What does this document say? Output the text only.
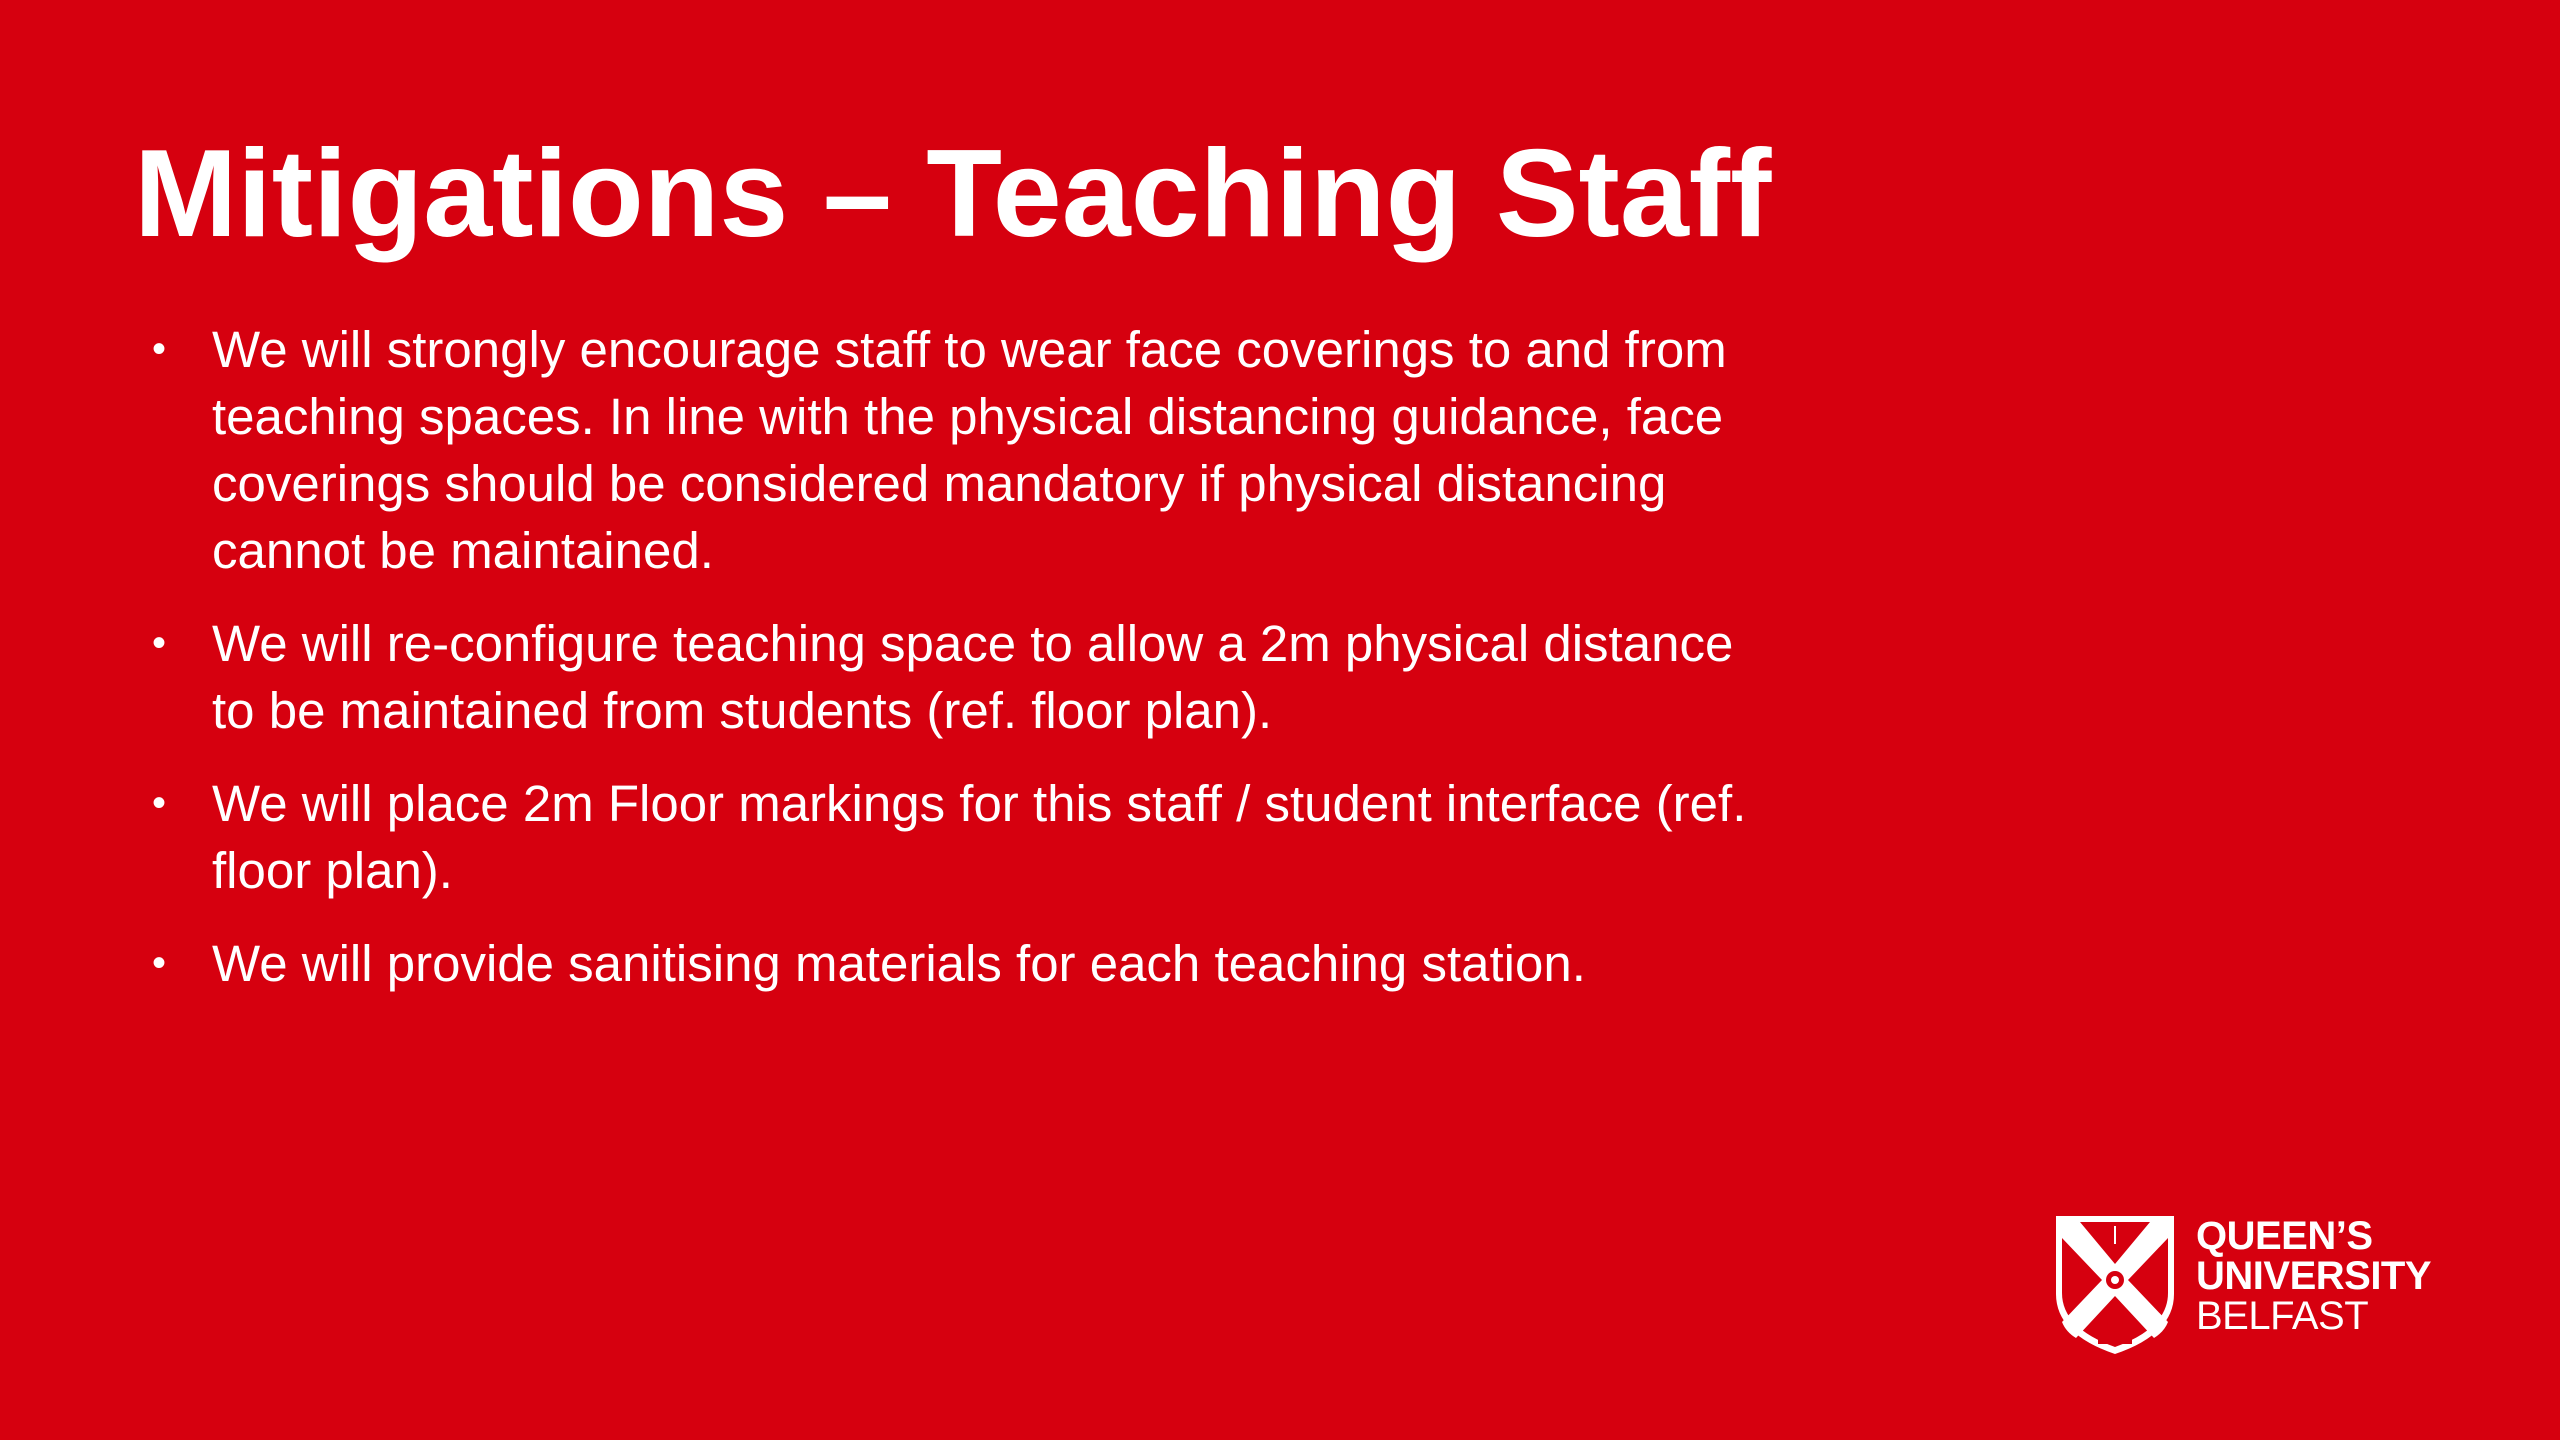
Mitigations – Teaching Staff
• We will strongly encourage staff to wear face coverings to and from teaching spaces. In line with the physical distancing guidance, face coverings should be considered mandatory if physical distancing cannot be maintained.
• We will re-configure teaching space to allow a 2m physical distance to be maintained from students (ref. floor plan).
• We will place 2m Floor markings for this staff / student interface (ref. floor plan).
• We will provide sanitising materials for each teaching station.
QUEEN’S
UNIVERSITY
BELFAST
